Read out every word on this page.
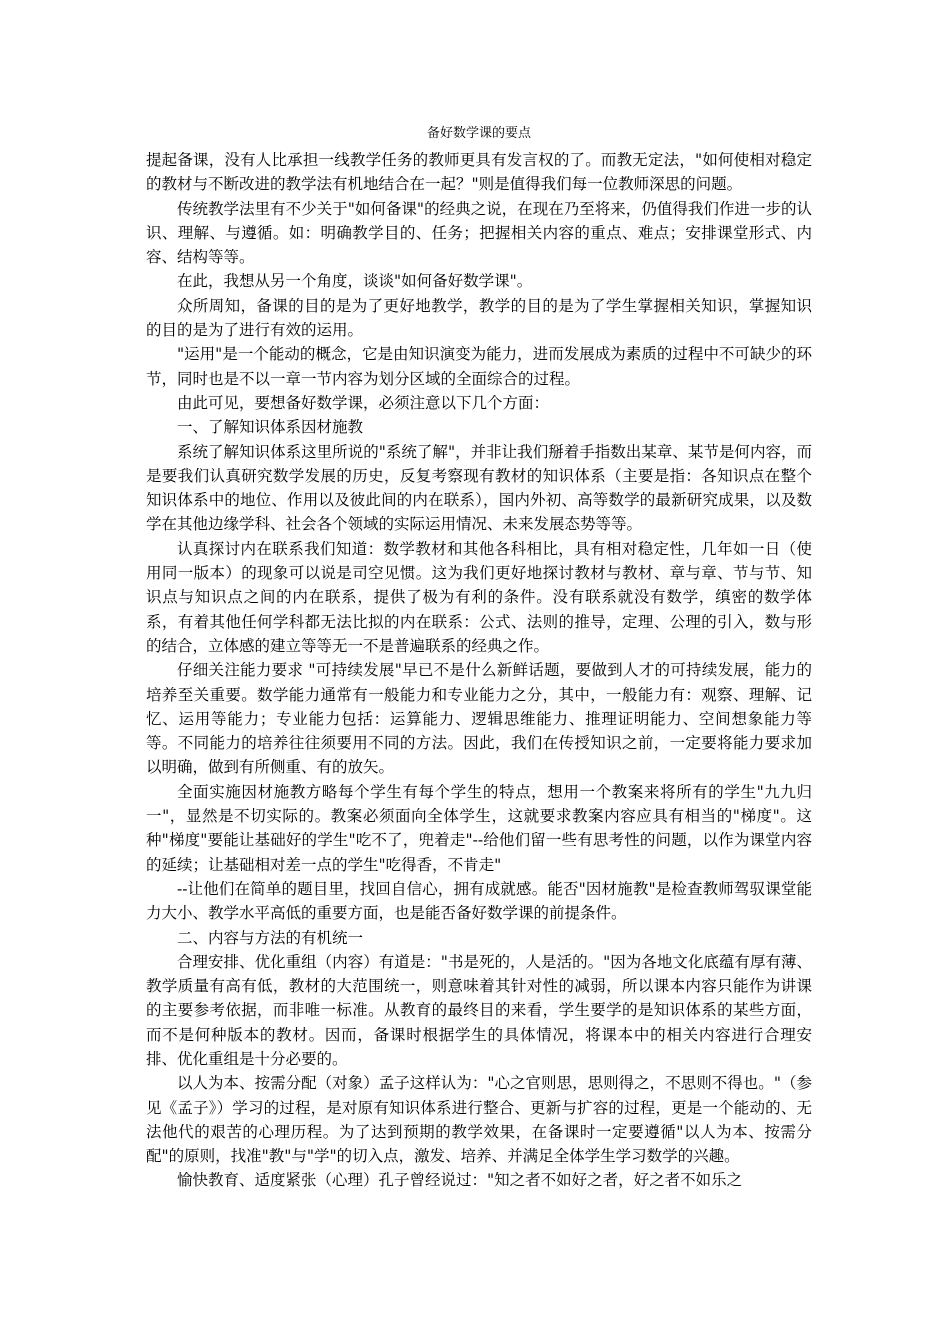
备好数学课的要点

提起备课，没有人比承担一线教学任务的教师更具有发言权的了。而教无定法，"如何使相对稳定的教材与不断改进的教学法有机地结合在一起？"则是值得我们每一位教师深思的问题。

传统教学法里有不少关于"如何备课"的经典之说，在现在乃至将来，仍值得我们作进一步的认识、理解、与遵循。如：明确教学目的、任务；把握相关内容的重点、难点；安排课堂形式、内容、结构等等。

在此，我想从另一个角度，谈谈"如何备好数学课"。

众所周知，备课的目的是为了更好地教学，教学的目的是为了学生掌握相关知识，掌握知识的目的是为了进行有效的运用。

"运用"是一个能动的概念，它是由知识演变为能力，进而发展成为素质的过程中不可缺少的环节，同时也是不以一章一节内容为划分区域的全面综合的过程。

由此可见，要想备好数学课，必须注意以下几个方面：

一、了解知识体系因材施教

系统了解知识体系这里所说的"系统了解"，并非让我们掰着手指数出某章、某节是何内容，而是要我们认真研究数学发展的历史，反复考察现有教材的知识体系（主要是指：各知识点在整个知识体系中的地位、作用以及彼此间的内在联系），国内外初、高等数学的最新研究成果，以及数学在其他边缘学科、社会各个领域的实际运用情况、未来发展态势等等。

认真探讨内在联系我们知道：数学教材和其他各科相比，具有相对稳定性，几年如一日（使用同一版本）的现象可以说是司空见惯。这为我们更好地探讨教材与教材、章与章、节与节、知识点与知识点之间的内在联系，提供了极为有利的条件。没有联系就没有数学，缜密的数学体系，有着其他任何学科都无法比拟的内在联系：公式、法则的推导，定理、公理的引入，数与形的结合，立体感的建立等等无一不是普遍联系的经典之作。

仔细关注能力要求 "可持续发展"早已不是什么新鲜话题，要做到人才的可持续发展，能力的培养至关重要。数学能力通常有一般能力和专业能力之分，其中，一般能力有：观察、理解、记忆、运用等能力；专业能力包括：运算能力、逻辑思维能力、推理证明能力、空间想象能力等等。不同能力的培养往往须要用不同的方法。因此，我们在传授知识之前，一定要将能力要求加以明确，做到有所侧重、有的放矢。

全面实施因材施教方略每个学生有每个学生的特点，想用一个教案来将所有的学生"九九归一"，显然是不切实际的。教案必须面向全体学生，这就要求教案内容应具有相当的"梯度"。这种"梯度"要能让基础好的学生"吃不了，兜着走"--给他们留一些有思考性的问题，以作为课堂内容的延续；让基础相对差一点的学生"吃得香，不肯走"

--让他们在简单的题目里，找回自信心，拥有成就感。能否"因材施教"是检查教师驾驭课堂能力大小、教学水平高低的重要方面，也是能否备好数学课的前提条件。

二、内容与方法的有机统一

合理安排、优化重组（内容）有道是："书是死的，人是活的。"因为各地文化底蕴有厚有薄、教学质量有高有低，教材的大范围统一，则意味着其针对性的减弱，所以课本内容只能作为讲课的主要参考依据，而非唯一标准。从教育的最终目的来看，学生要学的是知识体系的某些方面，而不是何种版本的教材。因而，备课时根据学生的具体情况，将课本中的相关内容进行合理安排、优化重组是十分必要的。

以人为本、按需分配（对象）孟子这样认为："心之官则思，思则得之，不思则不得也。"（参见《孟子》）学习的过程，是对原有知识体系进行整合、更新与扩容的过程，更是一个能动的、无法他代的艰苦的心理历程。为了达到预期的教学效果，在备课时一定要遵循"以人为本、按需分配"的原则，找准"教"与"学"的切入点，激发、培养、并满足全体学生学习数学的兴趣。

愉快教育、适度紧张（心理）孔子曾经说过："知之者不如好之者，好之者不如乐之
